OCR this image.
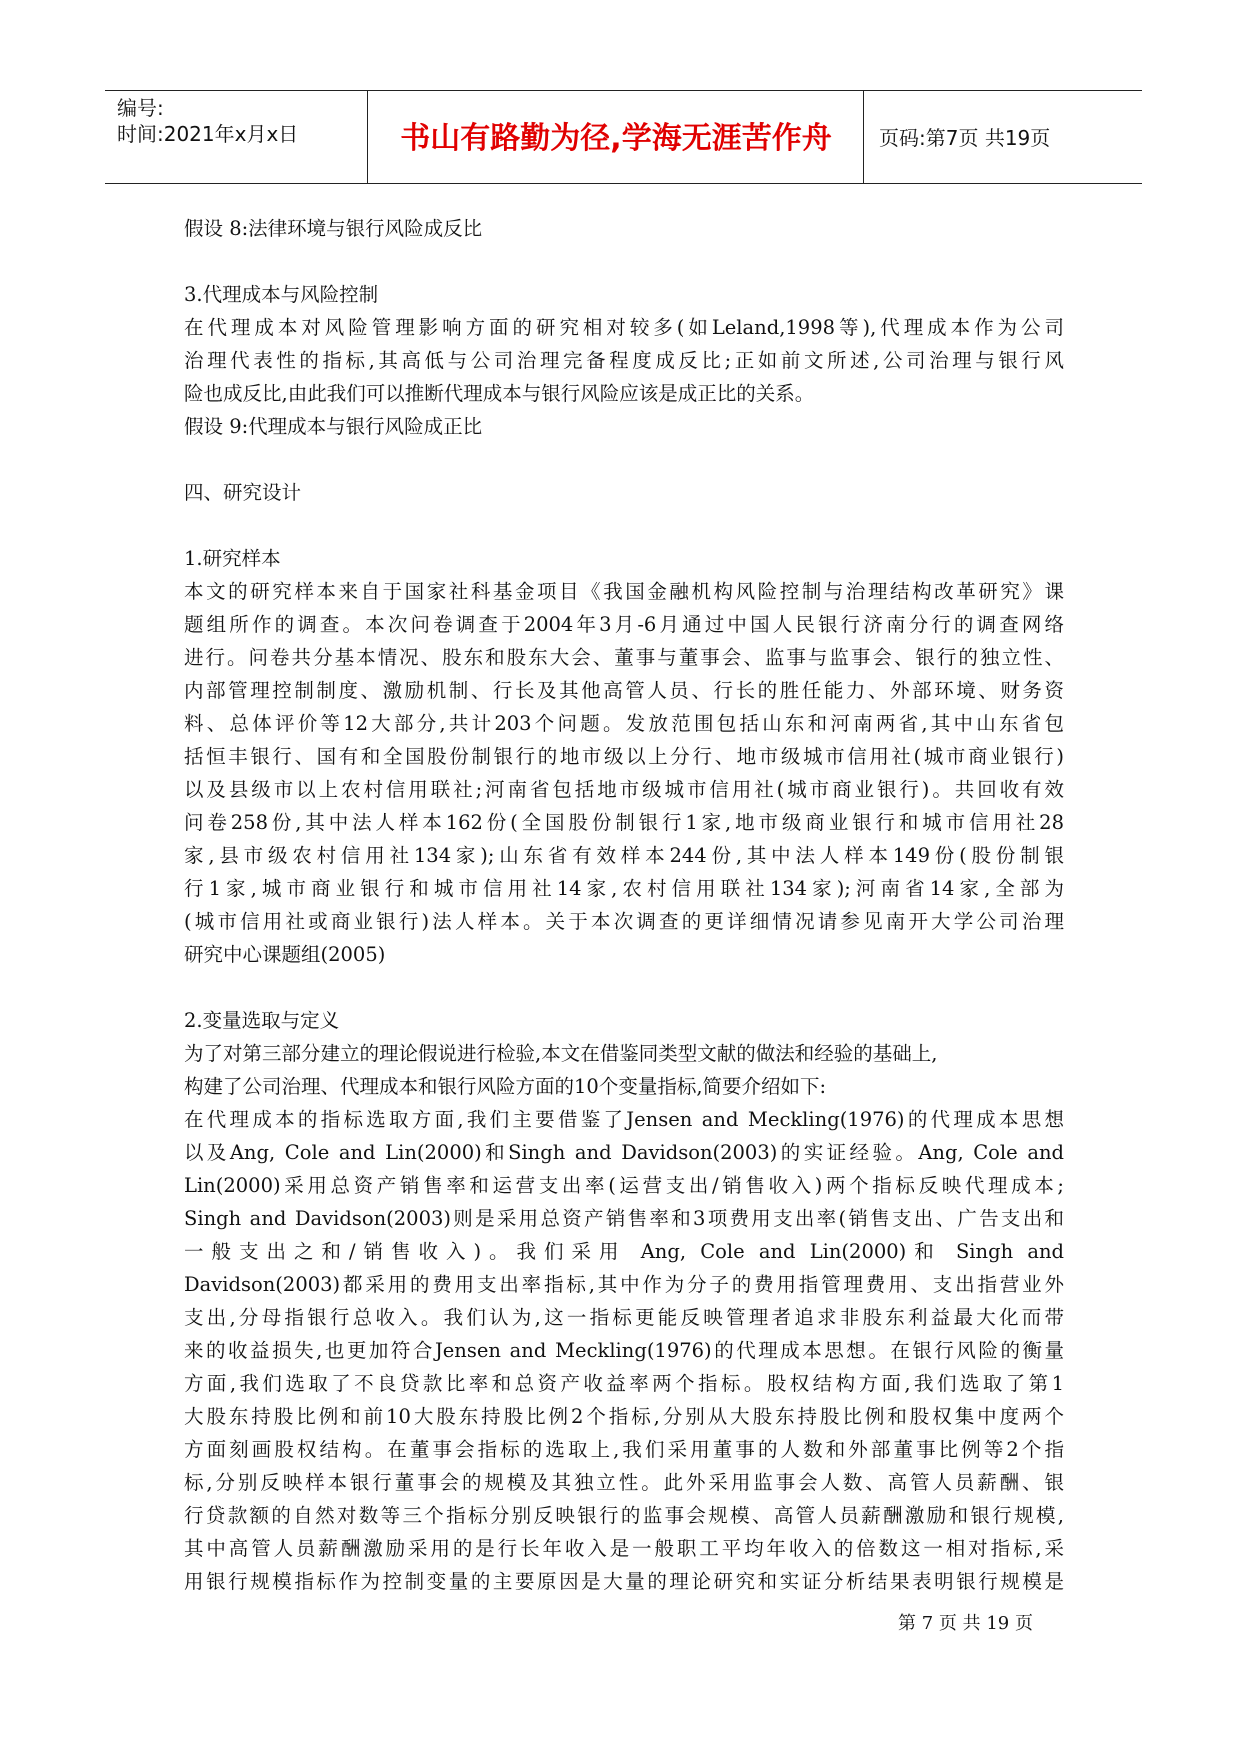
编号:
时间:2021年x月x日	书山有路勤为径,学海无涯苦作舟	页码:第7页 共19页
假设 8:法律环境与银行风险成反比
3.代理成本与风险控制
在代理成本对风险管理影响方面的研究相对较多(如Leland,1998等),代理成本作为公司
治理代表性的指标,其高低与公司治理完备程度成反比;正如前文所述,公司治理与银行风
险也成反比,由此我们可以推断代理成本与银行风险应该是成正比的关系。
假设 9:代理成本与银行风险成正比
四、研究设计
1.研究样本
本文的研究样本来自于国家社科基金项目《我国金融机构风险控制与治理结构改革研究》课
题组所作的调查。本次问卷调查于2004年3月-6月通过中国人民银行济南分行的调查网络
进行。问卷共分基本情况、股东和股东大会、董事与董事会、监事与监事会、银行的独立性、
内部管理控制制度、激励机制、行长及其他高管人员、行长的胜任能力、外部环境、财务资
料、总体评价等12大部分,共计203个问题。发放范围包括山东和河南两省,其中山东省包
括恒丰银行、国有和全国股份制银行的地市级以上分行、地市级城市信用社(城市商业银行)
以及县级市以上农村信用联社;河南省包括地市级城市信用社(城市商业银行)。共回收有效
问卷258份,其中法人样本162份(全国股份制银行1家,地市级商业银行和城市信用社28
家,县市级农村信用社134家);山东省有效样本244份,其中法人样本149份(股份制银
行1家,城市商业银行和城市信用社14家,农村信用联社134家);河南省14家,全部为
(城市信用社或商业银行)法人样本。关于本次调查的更详细情况请参见南开大学公司治理
研究中心课题组(2005)
2.变量选取与定义
为了对第三部分建立的理论假说进行检验,本文在借鉴同类型文献的做法和经验的基础上,
构建了公司治理、代理成本和银行风险方面的10个变量指标,简要介绍如下:
在代理成本的指标选取方面,我们主要借鉴了Jensen and Meckling(1976)的代理成本思想
以及Ang, Cole and Lin(2000)和Singh and Davidson(2003)的实证经验。Ang, Cole and
Lin(2000)采用总资产销售率和运营支出率(运营支出/销售收入)两个指标反映代理成本;
Singh and Davidson(2003)则是采用总资产销售率和3项费用支出率(销售支出、广告支出和
一般支出之和/销售收入)。我们采用 Ang, Cole and Lin(2000)和 Singh and
Davidson(2003)都采用的费用支出率指标,其中作为分子的费用指管理费用、支出指营业外
支出,分母指银行总收入。我们认为,这一指标更能反映管理者追求非股东利益最大化而带
来的收益损失,也更加符合Jensen and Meckling(1976)的代理成本思想。在银行风险的衡量
方面,我们选取了不良贷款比率和总资产收益率两个指标。股权结构方面,我们选取了第1
大股东持股比例和前10大股东持股比例2个指标,分别从大股东持股比例和股权集中度两个
方面刻画股权结构。在董事会指标的选取上,我们采用董事的人数和外部董事比例等2个指
标,分别反映样本银行董事会的规模及其独立性。此外采用监事会人数、高管人员薪酬、银
行贷款额的自然对数等三个指标分别反映银行的监事会规模、高管人员薪酬激励和银行规模,
其中高管人员薪酬激励采用的是行长年收入是一般职工平均年收入的倍数这一相对指标,采
用银行规模指标作为控制变量的主要原因是大量的理论研究和实证分析结果表明银行规模是
第 7 页 共 19 页
